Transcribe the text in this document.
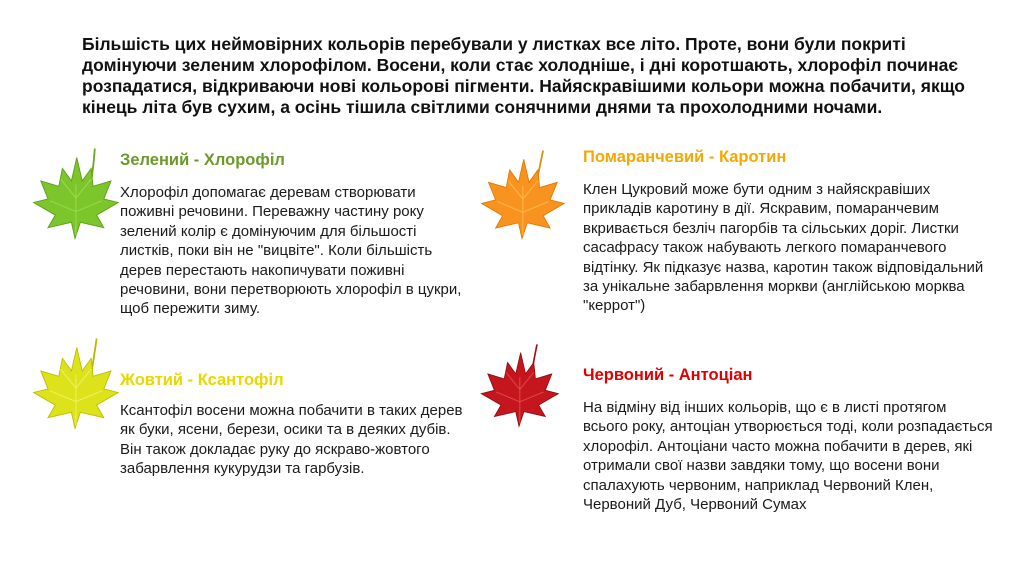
Більшість цих неймовірних кольорів перебували у листках все літо. Проте, вони були покриті домінуючи зеленим хлорофілом. Восени, коли стає холодніше, і дні коротшають, хлорофіл починає розпадатися, відкриваючи нові кольорові пігменти. Найяскравішими кольори можна побачити, якщо кінець літа був сухим, а осінь тішила світлими сонячними днями та прохолодними ночами.

Зелений - Хлорофіл

Хлорофіл допомагає деревам створювати поживні речовини. Переважну частину року зелений колір є домінуючим для більшості листків, поки він не "вицвіте". Коли більшість дерев перестають накопичувати поживні речовини, вони перетворюють хлорофіл в цукри, щоб пережити зиму.

Помаранчевий - Каротин

Клен Цукровий може бути одним з найяскравіших прикладів каротину в дії. Яскравим, помаранчевим вкривається безліч пагорбів та сільських доріг. Листки сасафрасу також набувають легкого помаранчевого відтінку. Як підказує назва, каротин також відповідальний за унікальне забарвлення моркви (англійською морква "керрот")

Жовтий - Ксантофіл

Ксантофіл восени можна побачити в таких дерев як буки, ясени, берези, осики та в деяких дубів. Він також докладає руку до яскраво-жовтого забарвлення кукурудзи та гарбузів.

Червоний - Антоціан

На відміну від інших кольорів, що є в листі протягом всього року, антоціан утворюється тоді, коли розпадається хлорофіл. Антоціани часто можна побачити в дерев, які отримали свої назви завдяки тому, що восени вони спалахують червоним, наприклад Червоний Клен, Червоний Дуб, Червоний Сумах
